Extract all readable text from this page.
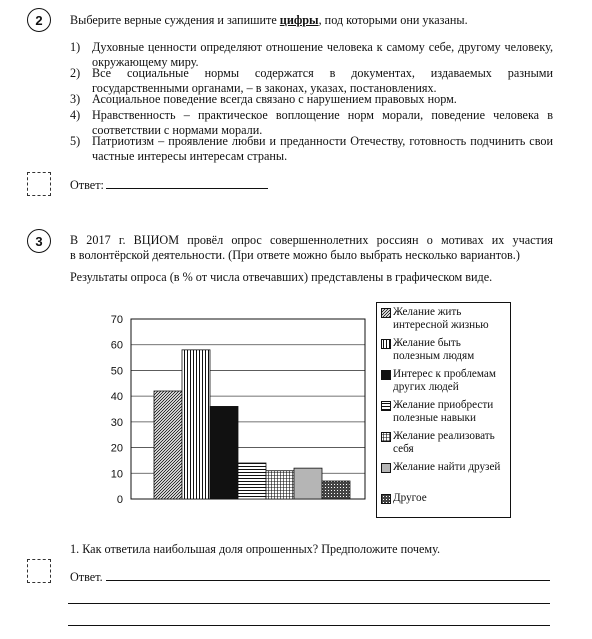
2 Выберите верные суждения и запишите цифры, под которыми они указаны.
1) Духовные ценности определяют отношение человека к самому себе, другому человеку,
окружающему миру.
2) Все социальные нормы содержатся в документах, издаваемых разными
государственными органами, – в законах, указах, постановлениях.
3) Асоциальное поведение всегда связано с нарушением правовых норм.
4) Нравственность – практическое воплощение норм морали, поведение человека в
соответствии с нормами морали.
5) Патриотизм – проявление любви и преданности Отечеству, готовность подчинить свои
частные интересы интересам страны.
Ответ:
3 В 2017 г. ВЦИОМ провёл опрос совершеннолетних россиян о мотивах их участия
в волонтёрской деятельности. (При ответе можно было выбрать несколько вариантов.)
Результаты опроса (в % от числа отвечавших) представлены в графическом виде.
0
10
20
30
40
50
60
70
Желание жить
интересной жизнью
Желание быть
полезным людям
Интерес к проблемам
других людей
Желание приобрести
полезные навыки
Желание реализовать
себя
Желание найти друзей
Другое
1. Как ответила наибольшая доля опрошенных? Предположите почему.
Ответ.
